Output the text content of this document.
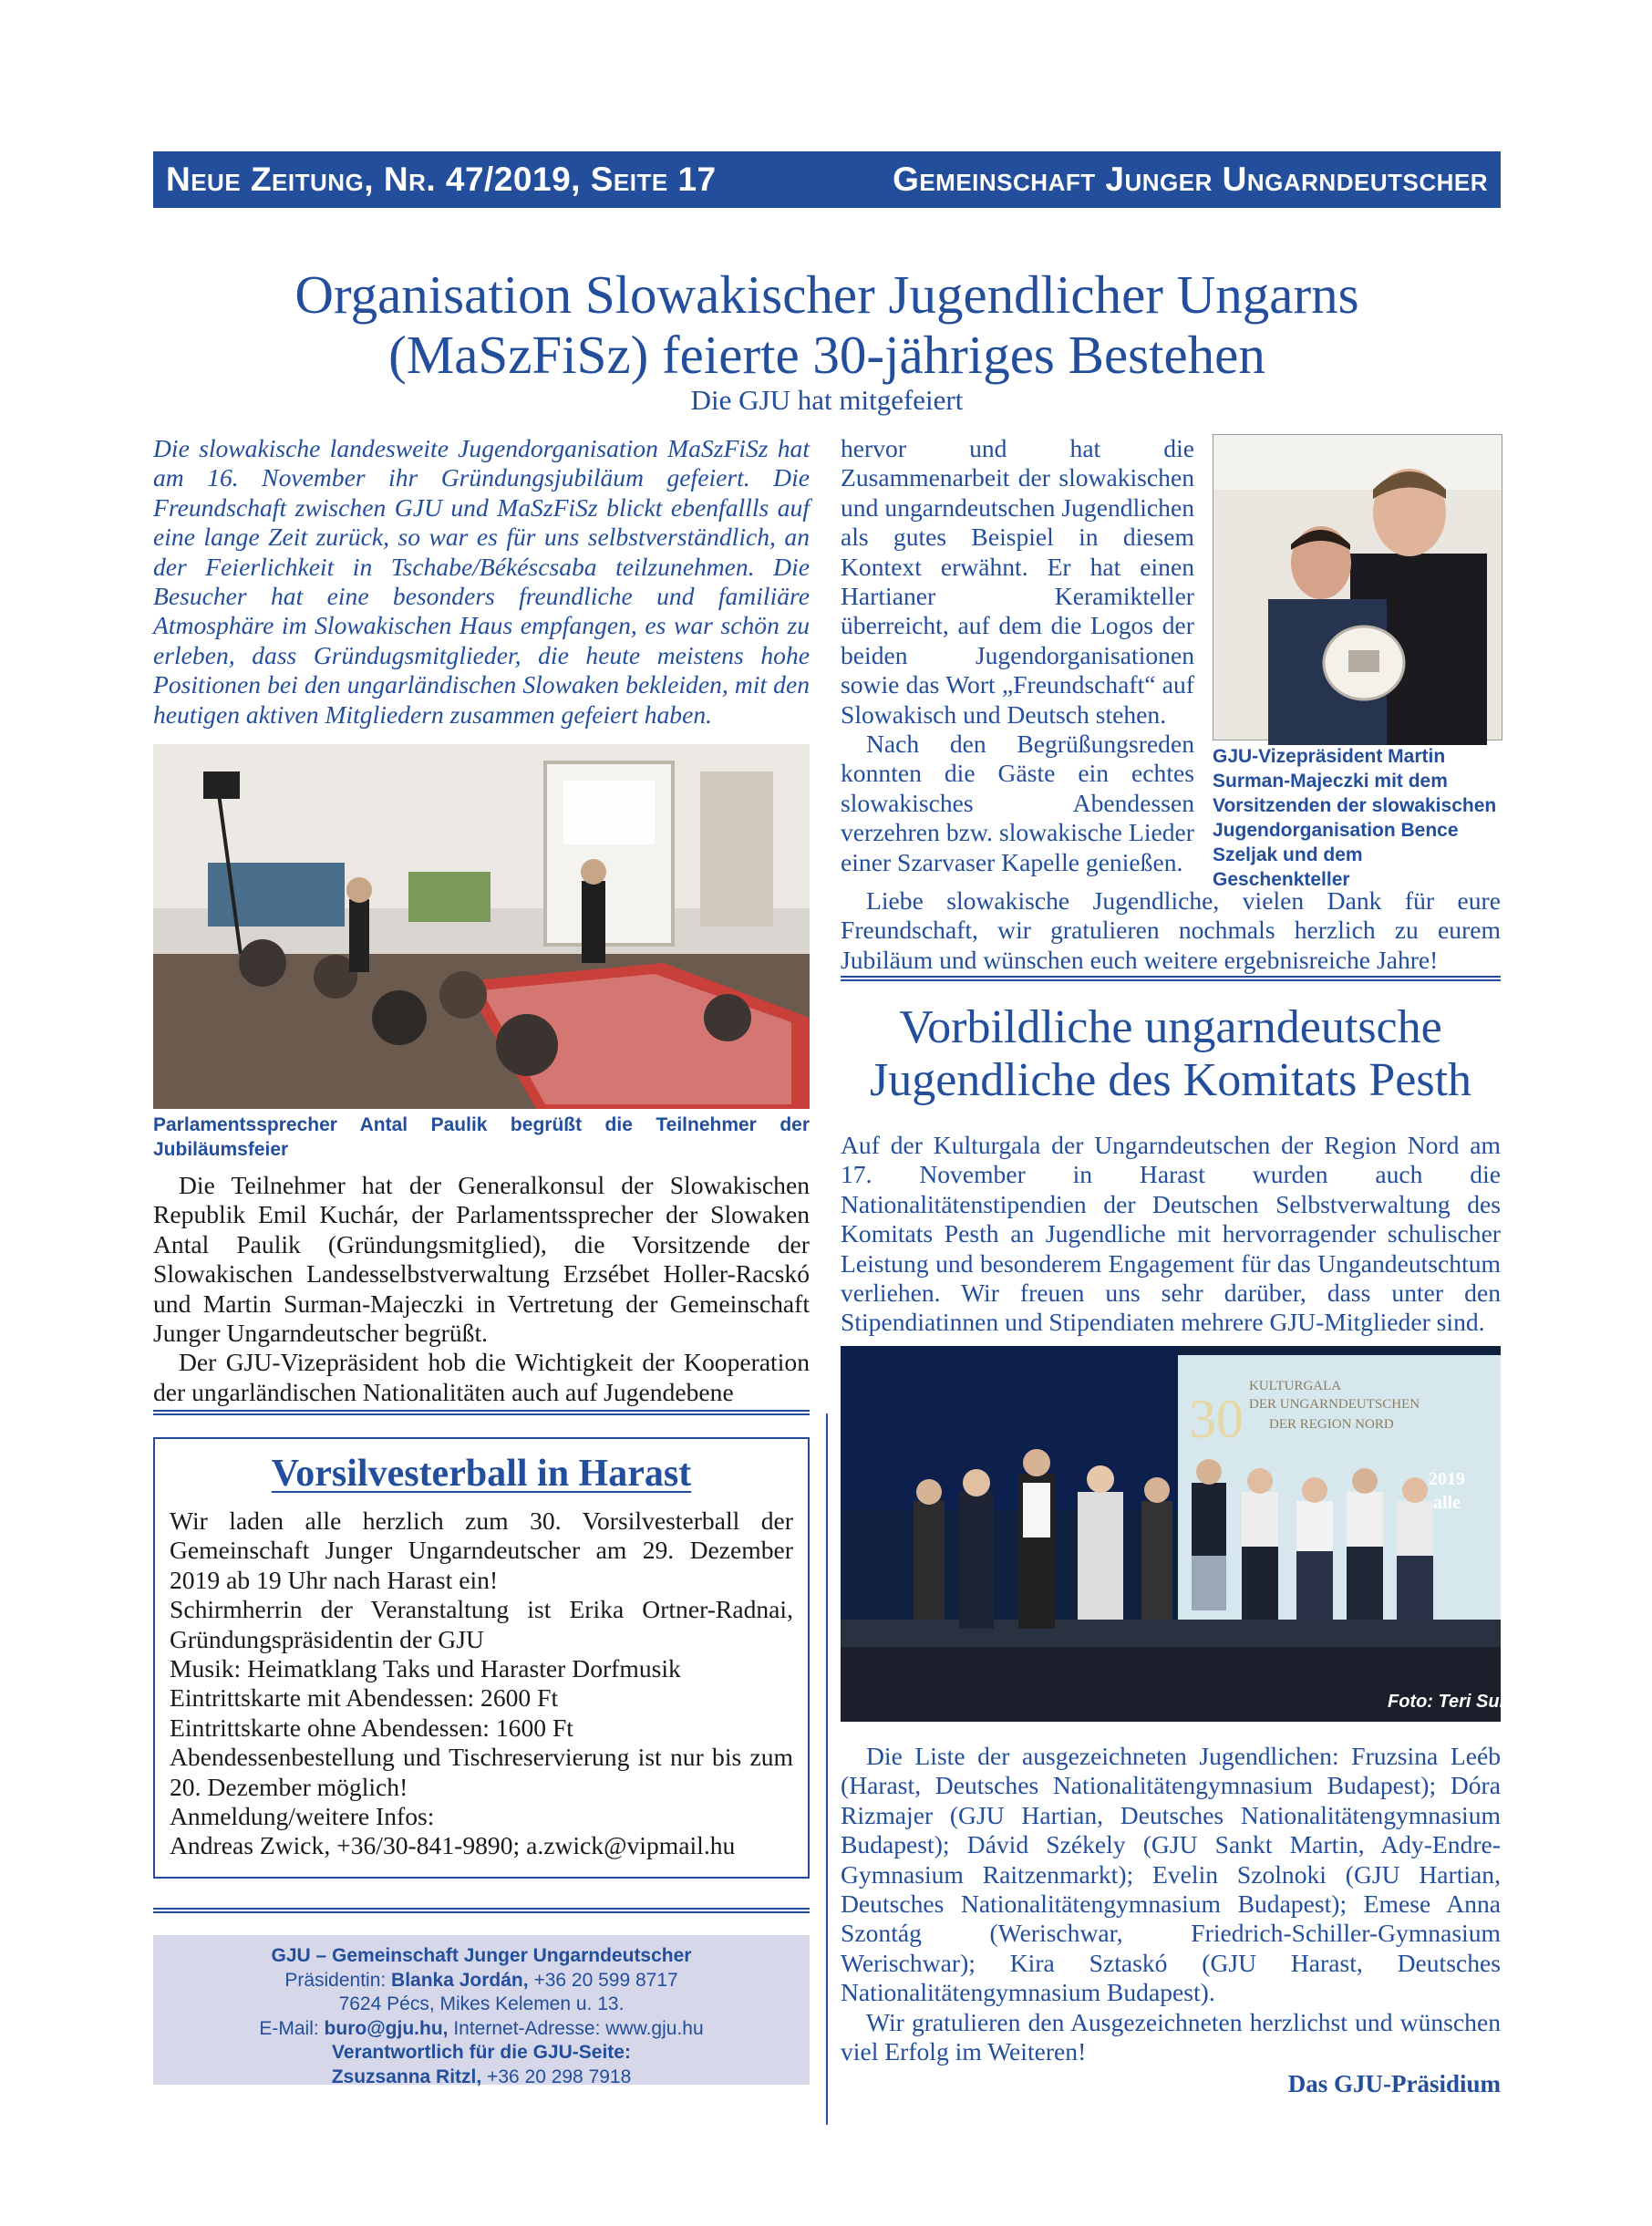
Neue Zeitung, Nr. 47/2019, Seite 17	Gemeinschaft Junger Ungarndeutscher
Organisation Slowakischer Jugendlicher Ungarns
(MaSzFiSz) feierte 30-jähriges Bestehen
Die GJU hat mitgefeiert
Die slowakische landesweite Jugendorganisation MaSzFiSz hat am 16. November ihr Gründungsjubiläum gefeiert. Die Freundschaft zwischen GJU und MaSzFiSz blickt ebenfallls auf eine lange Zeit zurück, so war es für uns selbstverständlich, an der Feierlichkeit in Tschabe/Békéscsaba teilzunehmen. Die Besucher hat eine besonders freundliche und familiäre Atmosphäre im Slowakischen Haus empfangen, es war schön zu erleben, dass Gründugsmitglieder, die heute meistens hohe Positionen bei den ungarländischen Slowaken bekleiden, mit den heutigen aktiven Mitgliedern zusammen gefeiert haben.
Parlamentssprecher Antal Paulik begrüßt die Teilnehmer der Jubiläumsfeier

Die Teilnehmer hat der Generalkonsul der Slowakischen Republik Emil Kuchár, der Parlamentssprecher der Slowaken Antal Paulik (Gründungsmitglied), die Vorsitzende der Slowakischen Landesselbstverwaltung Erzsébet Holler-Racskó und Martin Surman-Majeczki in Vertretung der Gemeinschaft Junger Ungarndeutscher begrüßt.

Der GJU-Vizepräsident hob die Wichtigkeit der Kooperation der ungarländischen Nationalitäten auch auf Jugendebene

Vorsilvesterball in Harast

Wir laden alle herzlich zum 30. Vorsilvesterball der Gemeinschaft Junger Ungarndeutscher am 29. Dezember 2019 ab 19 Uhr nach Harast ein!

Schirmherrin der Veranstaltung ist Erika Ortner-Radnai, Gründungspräsidentin der GJU

Musik: Heimatklang Taks und Haraster Dorfmusik

Eintrittskarte mit Abendessen: 2600 Ft

Eintrittskarte ohne Abendessen: 1600 Ft

Abendessenbestellung und Tischreservierung ist nur bis zum 20. Dezember möglich!

Anmeldung/weitere Infos:

Andreas Zwick, +36/30-841-9890; a.zwick@vipmail.hu

GJU – Gemeinschaft Junger Ungarndeutscher
Präsidentin: Blanka Jordán, +36 20 599 8717
7624 Pécs, Mikes Kelemen u. 13.
E-Mail: buro@gju.hu, Internet-Adresse: www.gju.hu
Verantwortlich für die GJU-Seite:
Zsuzsanna Ritzl, +36 20 298 7918

hervor und hat die Zusammenarbeit der slowakischen und ungarndeutschen Jugendlichen als gutes Beispiel in diesem Kontext erwähnt. Er hat einen Hartianer Keramikteller überreicht, auf dem die Logos der beiden Jugendorganisationen sowie das Wort „Freundschaft“ auf Slowakisch und Deutsch stehen.

Nach den Begrüßungsreden konnten die Gäste ein echtes slowakisches Abendessen verzehren bzw. slowakische Lieder einer Szarvaser Kapelle genießen.

GJU-Vizepräsident Martin Surman-Majeczki mit dem Vorsitzenden der slowakischen Jugendorganisation Bence Szeljak und dem Geschenkteller

Liebe slowakische Jugendliche, vielen Dank für eure Freundschaft, wir gratulieren nochmals herzlich zu eurem Jubiläum und wünschen euch weitere ergebnisreiche Jahre!

Vorbildliche ungarndeutsche
Jugendliche des Komitats Pesth

Auf der Kulturgala der Ungarndeutschen der Region Nord am 17. November in Harast wurden auch die Nationalitätenstipendien der Deutschen Selbstverwaltung des Komitats Pesth an Jugendliche mit hervorragender schulischer Leistung und besonderem Engagement für das Ungandeutschtum verliehen. Wir freuen uns sehr darüber, dass unter den Stipendiatinnen und Stipendiaten mehrere GJU-Mitglieder sind.

KULTURGALA
DER UNGARNDEUTSCHEN
DER REGION NORD
30
2019
alle
Foto: Teri Surman

Die Liste der ausgezeichneten Jugendlichen: Fruzsina Leéb (Harast, Deutsches Nationalitätengymnasium Budapest); Dóra Rizmajer (GJU Hartian, Deutsches Nationalitätengymnasium Budapest); Dávid Székely (GJU Sankt Martin, Ady-Endre-Gymnasium Raitzenmarkt); Evelin Szolnoki (GJU Hartian, Deutsches Nationalitätengymnasium Budapest); Emese Anna Szontág (Werischwar, Friedrich-Schiller-Gymnasium Werischwar); Kira Sztaskó (GJU Harast, Deutsches Nationalitätengymnasium Budapest).

Wir gratulieren den Ausgezeichneten herzlichst und wünschen viel Erfolg im Weiteren!

Das GJU-Präsidium
